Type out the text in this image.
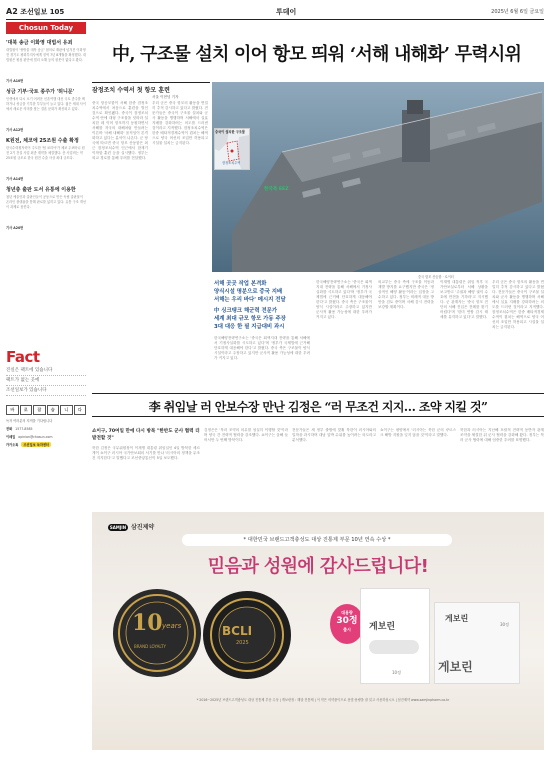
A2 조선일보 105	투데이	2025년 6월 6일 금요일
Chosun Today
'대북 송금 이화영 대법서 유죄
대법원이 '쌍방울 대북 송금' 혐의로 재판에 넘겨진 이화영 전 경기도 평화부지사에게 징역 7년 8개월을 확정했다. 대법원은 원심 판단에 법리 오해 등의 잘못이 없다고 봤다.
기사 A10면
성금 기부·국토 종주가 '허니문'
인생에서 다시 오기 어려운 신혼여행 대신 국토 종주를 택하거나 성금을 기부한 부부들이 늘고 있다. 젊은 세대 사이에서 새로운 의미를 찾는 결혼 문화가 확산되고 있다.
기사 A12면
K원전, 체코에 25조원 수출 확정
한국수력원자력이 주도한 '팀 코리아'가 체코 두코바니 원전 2기 건설 사업 최종 계약을 체결했다. 총 사업비는 약 25조원 규모로 한국 원전 수출 사상 최대 규모다.
기사 A14면
청년층 출판 도서 유통에 이용한
청년 예술인과 출판인들이 공동으로 만든 독립 출판물이 온라인 플랫폼을 통해 판로를 넓히고 있다. 유통 구조 개선이 과제로 꼽힌다.
기사 A20면
Fact
진실은 팩트에 있습니다
팩트가 없는 곳에
조선일보가 있습니다
바	로	잡	습	니	다
독자 여러분의 지적을 기다립니다
전화 1577-8585
이메일 opinion@chosun.com
카카오톡	조선일보 독자센터
中, 구조물 설치 이어 항모 띄워 ‘서해 내해화’ 무력시위
잠정조치 수역서 첫 항모 훈련
서울 이현녕 기자
중국 항공모함이 서해 한중 잠정조치수역에서 처음으로 훈련을 벌인 것으로 확인됐다. 중국이 잠정조치수역 안에 대형 구조물을 잇따라 설치한 데 이어 항모까지 동원하면서 서해를 자국의 내해처럼 만들려는 이른바 '서해 내해화' 움직임이 본격화하고 있다는 분석이 나온다. 군 당국에 따르면 중국 항모 산둥함은 최근 잠정조치수역 인근에서 함재기 이착함 훈련 등을 실시했다. 정부는 외교 경로를 통해 우려를 전달했다.
우리 군은 중국 항모의 활동을 면밀히 추적 감시하고 있다고 밝혔다. 전문가들은 중국이 구조물 설치와 군사 활동을 병행하며 서해에서 실효 지배를 강화하려는 의도를 드러낸 것이라고 지적했다. 잠정조치수역은 한중 배타적경제수역이 겹치는 해역으로 양국 어선의 조업만 허용되고 시설물 설치는 금지된다.
중국이 설치한 구조물
잠정조치수역
한국측 EEZ
중국 항모 산둥함 · 로이터
서해 곳곳 작업 본격화
양식시설 명분으로 중국 지배
서해는 우리 바다' 메시지 전달
中 싱크탱크 해군력 전문가
세계 최대 규모 항모 가동 주장
3대 대응 한 필 지급대비 과시
한국해양전략연구소는 '중국은 회색지대 전략을 통해 서해에서 기정사실화를 시도하고 있다'며 '정부가 국제법에 근거해 단호하게 대응해야 한다'고 밝혔다. 중국 측은 구조물이 양식 시설이라고 주장하고 있지만 군사적 활용 가능성에 대한 우려가 커지고 있다.
한국해양전략연구소는 '중국은 회색지대 전략을 통해 서해에서 기정사실화를 시도하고 있다'며 '정부가 국제법에 근거해 단호하게 대응해야 한다'고 밝혔다. 중국 측은 구조물이 양식 시설이라고 주장하고 있지만 군사적 활용 가능성에 대한 우려가 커지고 있다.
외교부는 중국 측에 구조물 이동과 재발 방지를 요구했지만 중국은 '정상적인 해양 활동'이라는 입장을 고수하고 있다. 정부는 비례적 대응 방안을 검토 중이며 서해 감시 전력을 보강할 계획이다.
이재명 대통령은 취임 직후 국가안보실로부터 서해 상황을 보고받고 '주권과 해양 권익 수호에 만전을 기하라'고 지시했다. 군 관계자는 '중국 항모 전단의 서해 진입은 전례를 찾기 어렵다'며 '한미 연합 감시 태세를 유지하고 있다'고 말했다.
우리 군은 중국 항모의 활동을 면밀히 추적 감시하고 있다고 밝혔다. 전문가들은 중국이 구조물 설치와 군사 활동을 병행하며 서해에서 실효 지배를 강화하려는 의도를 드러낸 것이라고 지적했다. 잠정조치수역은 한중 배타적경제수역이 겹치는 해역으로 양국 어선의 조업만 허용되고 시설물 설치는 금지된다.
李 취임날 러 안보수장 만난 김정은 “러 무조건 지지… 조약 지킬 것”
쇼이구, 70여일 만에 다시 방북 "한반도 군사 협력 더 발전할 것"
북한 김정은 국무위원장이 이재명 대통령 취임일인 4일 방북한 세르게이 쇼이구 러시아 국가안보회의 서기를 만나 '러시아의 정책을 무조건 지지한다'고 말했다고 조선중앙통신이 5일 보도했다.
김정은은 '북러 조약의 의무를 성실히 이행할 것'이라며 양국 간 전략적 협력을 강조했다. 쇼이구는 올해 들어서만 두 번째 방북이다.
전문가들은 새 정부 출범에 맞춰 북한이 러시아와의 밀착을 과시하며 대남 압박 수위를 높이려는 의도라고 분석했다.
쇼이구는 평양에서 '러시아는 북한 군의 쿠르스크 해방 지원을 잊지 않을 것'이라고 말했다.
북한과 러시아는 지난해 포괄적 전략적 동반자 관계 조약을 체결한 뒤 군사 협력을 강화해 왔다. 정부는 북러 군사 협력에 대해 엄중한 우려를 표명했다.
SAMJIN 삼진제약
* 대한민국 브랜드고객충성도 대상 진통제 부문 10년 연속 수상 *
믿음과 성원에 감사드립니다!
10 years
BRAND LOYALTY
BCLI
2025
대용량
30정
출시	게보린
10정
게보린
30정
게보린
* 2016~2025년 브랜드고객충성도 대상 진통제 부문 수상 | 게보린정 : 해열·진통제 | 이 약은 의약품이므로 용법·용량을 잘 읽고 사용하십시오 | 삼진제약 www.samjinpharm.co.kr
